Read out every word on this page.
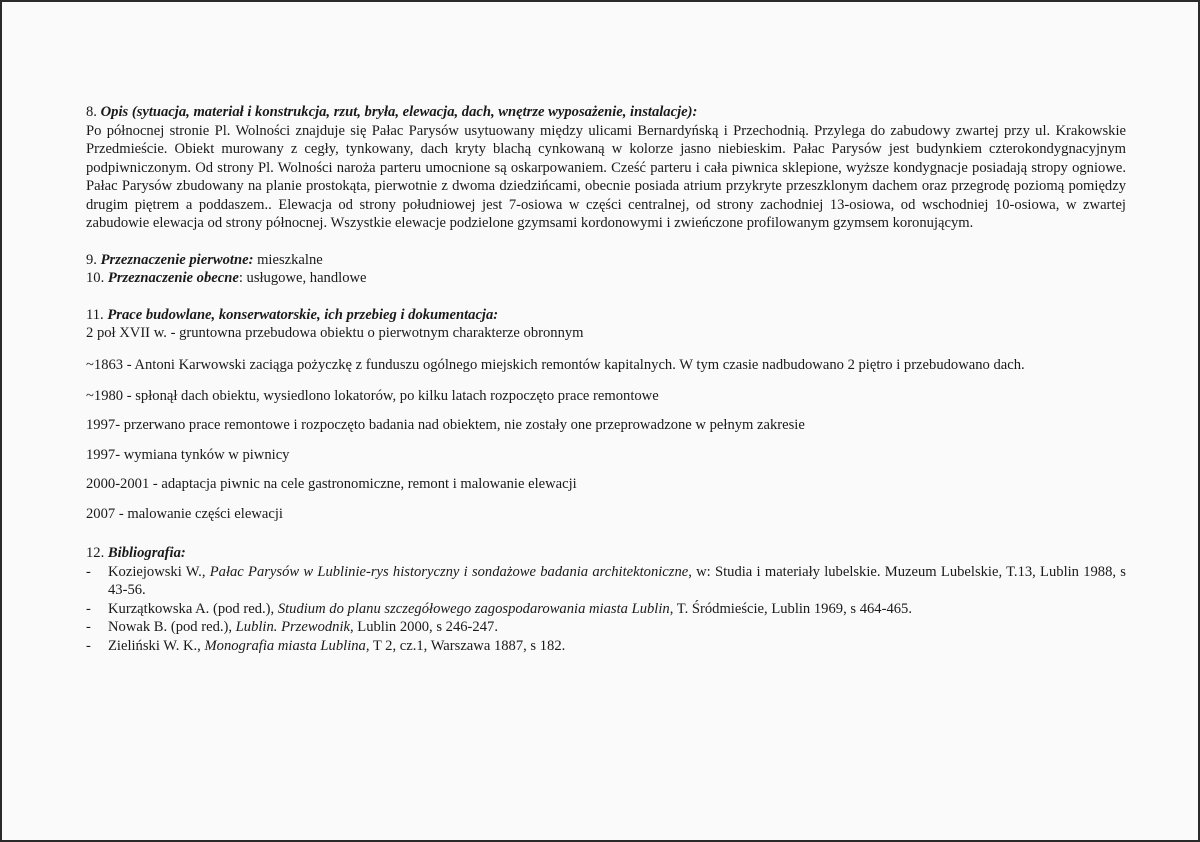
8. Opis (sytuacja, materiał i konstrukcja, rzut, bryła, elewacja, dach, wnętrze wyposażenie, instalacje):

Po północnej stronie Pl. Wolności znajduje się Pałac Parysów usytuowany między ulicami Bernardyńską i Przechodnią. Przylega do zabudowy zwartej przy ul. Krakowskie Przedmieście. Obiekt murowany z cegły, tynkowany, dach kryty blachą cynkowaną w kolorze jasno niebieskim. Pałac Parysów jest budynkiem czterokondygnacyjnym podpiwniczonym. Od strony Pl. Wolności naroża parteru umocnione są oskarpowaniem. Cześć parteru i cała piwnica sklepione, wyższe kondygnacje posiadają stropy ogniowe. Pałac Parysów zbudowany na planie prostokąta, pierwotnie z dwoma dziedzińcami, obecnie posiada atrium przykryte przeszklonym dachem oraz przegrodę poziomą pomiędzy drugim piętrem a poddaszem.. Elewacja od strony południowej jest 7-osiowa w części centralnej, od strony zachodniej 13-osiowa, od wschodniej 10-osiowa, w zwartej zabudowie elewacja od strony północnej. Wszystkie elewacje podzielone gzymsami kordonowymi i zwieńczone profilowanym gzymsem koronującym.

9. Przeznaczenie pierwotne: mieszkalne

10. Przeznaczenie obecne: usługowe, handlowe

11. Prace budowlane, konserwatorskie, ich przebieg i dokumentacja:

2 poł XVII w. - gruntowna przebudowa obiektu o pierwotnym charakterze obronnym

~1863 - Antoni Karwowski zaciąga pożyczkę z funduszu ogólnego miejskich remontów kapitalnych. W tym czasie nadbudowano 2 piętro i przebudowano dach.

~1980 - spłonął dach obiektu, wysiedlono lokatorów, po kilku latach rozpoczęto prace remontowe

1997- przerwano prace remontowe i rozpoczęto badania nad obiektem, nie zostały one przeprowadzone w pełnym zakresie

1997- wymiana tynków w piwnicy

2000-2001 - adaptacja piwnic na cele gastronomiczne, remont i malowanie elewacji

2007 - malowanie części elewacji

12. Bibliografia:

- Koziejowski W., Pałac Parysów w Lublinie-rys historyczny i sondażowe badania architektoniczne, w: Studia i materiały lubelskie. Muzeum Lubelskie, T.13, Lublin 1988, s 43-56.
- Kurzątkowska A. (pod red.), Studium do planu szczegółowego zagospodarowania miasta Lublin, T. Śródmieście, Lublin 1969, s 464-465.
- Nowak B. (pod red.), Lublin. Przewodnik, Lublin 2000, s 246-247.
- Zieliński W. K., Monografia miasta Lublina, T 2, cz.1, Warszawa 1887, s 182.
